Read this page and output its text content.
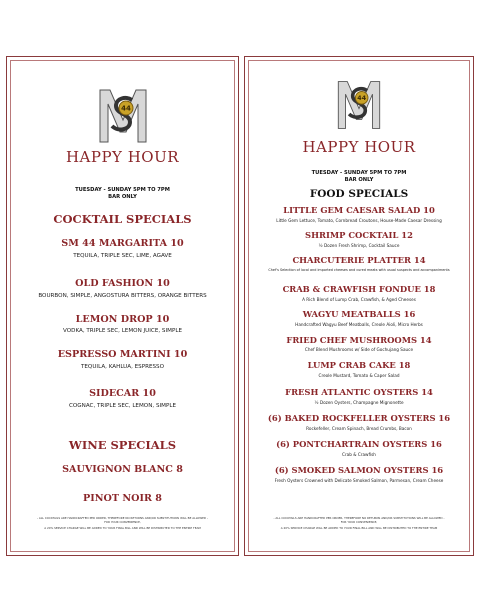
44
HAPPY HOUR
TUESDAY - SUNDAY 5PM TO 7PM
BAR ONLY
COCKTAIL SPECIALS
SM 44 MARGARITA 10
TEQUILA, TRIPLE SEC, LIME, AGAVE
OLD FASHION 10
BOURBON, SIMPLE, ANGOSTURA BITTERS, ORANGE BITTERS
LEMON DROP 10
VODKA, TRIPLE SEC, LEMON JUICE, SIMPLE
ESPRESSO MARTINI 10
TEQUILA, KAHLUA, ESPRESSO
SIDECAR 10
COGNAC, TRIPLE SEC, LEMON, SIMPLE
WINE SPECIALS
SAUVIGNON BLANC 8
PINOT NOIR 8
- ALL COCKTAILS ARE HANDCRAFTED PER ORDER, THEREFORE NO RETURNS AND/OR SUBSTITUTIONS WILL BE ALLOWED -
FOR YOUR CONVENIENCE,
A 20% SERVICE CHARGE WILL BE ADDED TO YOUR FINAL BILL AND WILL BE DISTRIBUTED TO THE ENTIRE TEAM
44
HAPPY HOUR
TUESDAY - SUNDAY 5PM TO 7PM
BAR ONLY
FOOD SPECIALS
LITTLE GEM CAESAR SALAD 10
Little Gem Lettuce, Tomato, Cornbread Croutons, House-Made Caesar Dressing
SHRIMP COCKTAIL 12
½ Dozen Fresh Shrimp, Cocktail Sauce
CHARCUTERIE PLATTER 14
Chef's Selection of local and imported cheeses and cured meats with usual suspects and accompaniments
CRAB & CRAWFISH FONDUE 18
A Rich Blend of Lump Crab, Crawfish, & Aged Cheeses
WAGYU MEATBALLS 16
Handcrafted Wagyu Beef Meatballs, Creole Aioli, Micro Herbs
FRIED CHEF MUSHROOMS 14
Chef Blend Mushrooms w/ Side of Gochujang Sauce
LUMP CRAB CAKE 18
Creole Mustard, Tomato & Caper Salad
FRESH ATLANTIC OYSTERS 14
½ Dozen Oysters, Champagne Mignonette
(6) BAKED ROCKFELLER OYSTERS 16
Rockefeller, Cream Spinach, Bread Crumbs, Bacon
(6) PONTCHARTRAIN OYSTERS 16
Crab & Crawfish
(6) SMOKED SALMON OYSTERS 16
Fresh Oysters Crowned with Delicate Smoked Salmon, Parmesan, Cream Cheese
- ALL COCKTAILS ARE HANDCRAFTED PER ORDER, THEREFORE NO RETURNS AND/OR SUBSTITUTIONS WILL BE ALLOWED -
FOR YOUR CONVENIENCE,
A 20% SERVICE CHARGE WILL BE ADDED TO YOUR FINAL BILL AND WILL BE DISTRIBUTED TO THE ENTIRE TEAM
